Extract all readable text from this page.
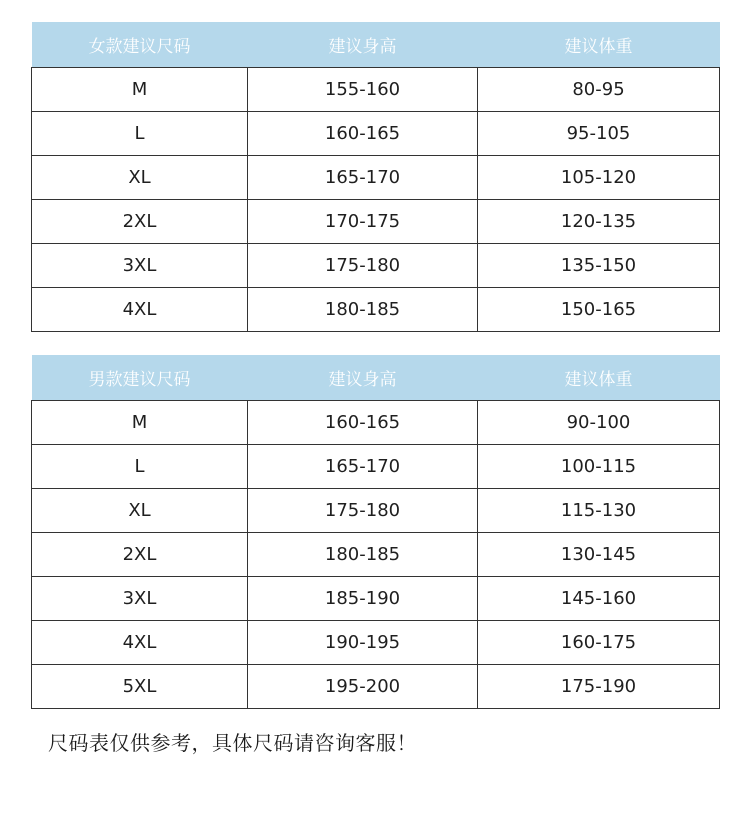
女款建议尺码	建议身高	建议体重
M	155-160	80-95
L	160-165	95-105
XL	165-170	105-120
2XL	170-175	120-135
3XL	175-180	135-150
4XL	180-185	150-165
男款建议尺码	建议身高	建议体重
M	160-165	90-100
L	165-170	100-115
XL	175-180	115-130
2XL	180-185	130-145
3XL	185-190	145-160
4XL	190-195	160-175
5XL	195-200	175-190
尺码表仅供参考，具体尺码请咨询客服！
